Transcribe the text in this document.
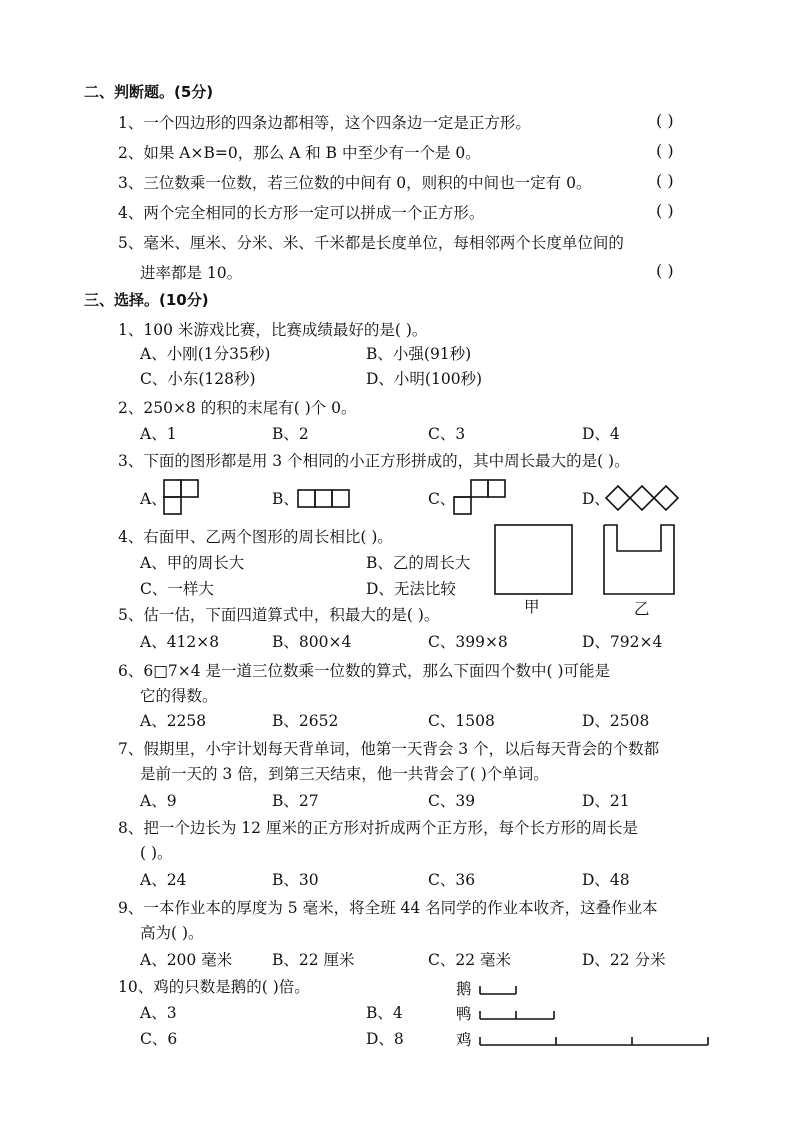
二、判断题。(5分)
1、一个四边形的四条边都相等，这个四条边一定是正方形。	( )
2、如果 A×B=0，那么 A 和 B 中至少有一个是 0。	( )
3、三位数乘一位数，若三位数的中间有 0，则积的中间也一定有 0。	( )
4、两个完全相同的长方形一定可以拼成一个正方形。	( )
5、毫米、厘米、分米、米、千米都是长度单位，每相邻两个长度单位间的
进率都是 10。	( )
三、选择。(10分)
1、100 米游戏比赛，比赛成绩最好的是( )。
A、小刚(1分35秒)	B、小强(91秒)
C、小东(128秒)	D、小明(100秒)
2、250×8 的积的末尾有( )个 0。
A、1	B、2	C、3	D、4
3、下面的图形都是用 3 个相同的小正方形拼成的，其中周长最大的是( )。
A、	B、	C、	D、
4、右面甲、乙两个图形的周长相比( )。
A、甲的周长大	B、乙的周长大
C、一样大	D、无法比较
甲	乙
5、估一估，下面四道算式中，积最大的是( )。
A、412×8	B、800×4	C、399×8	D、792×4
6、6□7×4 是一道三位数乘一位数的算式，那么下面四个数中( )可能是
它的得数。
A、2258	B、2652	C、1508	D、2508
7、假期里，小宇计划每天背单词，他第一天背会 3 个，以后每天背会的个数都
是前一天的 3 倍，到第三天结束，他一共背会了( )个单词。
A、9	B、27	C、39	D、21
8、把一个边长为 12 厘米的正方形对折成两个正方形，每个长方形的周长是
( )。
A、24	B、30	C、36	D、48
9、一本作业本的厚度为 5 毫米，将全班 44 名同学的作业本收齐，这叠作业本
高为( )。
A、200 毫米	B、22 厘米	C、22 毫米	D、22 分米
10、鸡的只数是鹅的( )倍。
A、3	B、4
C、6	D、8
鹅
鸭
鸡
